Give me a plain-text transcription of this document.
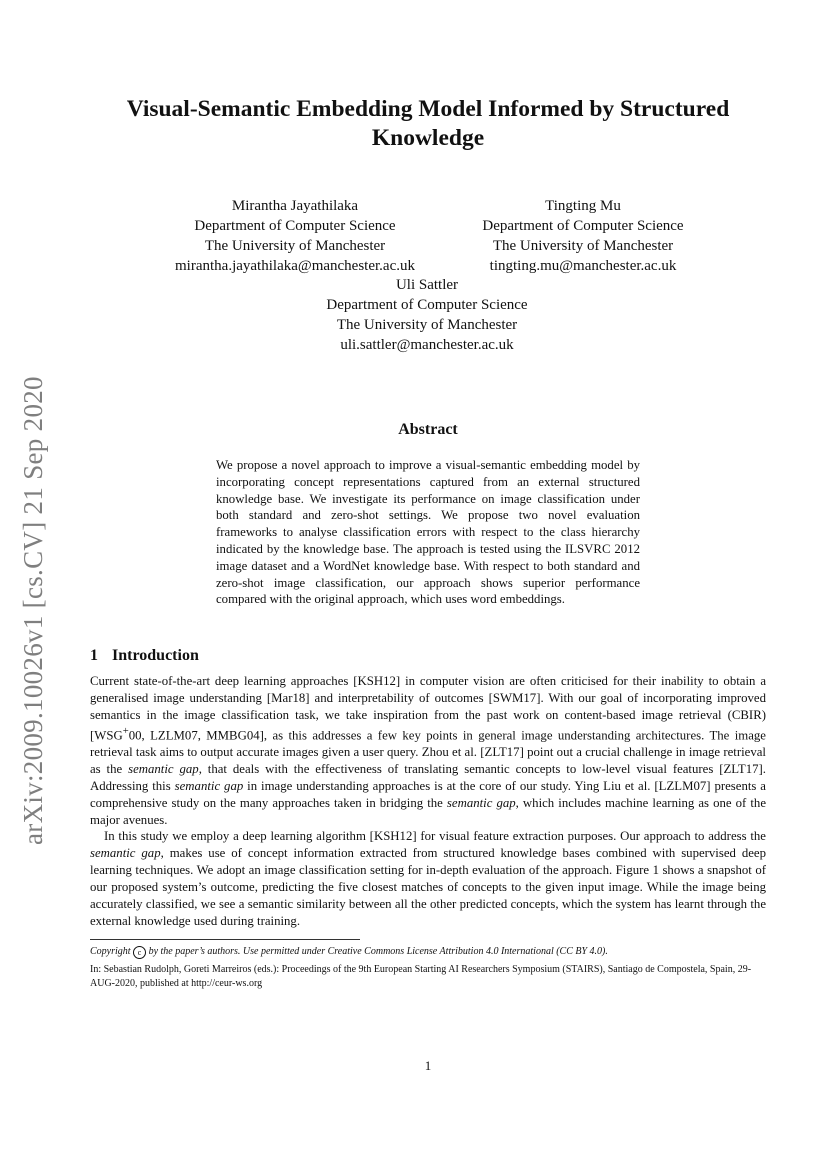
arXiv:2009.10026v1 [cs.CV] 21 Sep 2020
Visual-Semantic Embedding Model Informed by Structured Knowledge
Mirantha Jayathilaka
Department of Computer Science
The University of Manchester
mirantha.jayathilaka@manchester.ac.uk
Tingting Mu
Department of Computer Science
The University of Manchester
tingting.mu@manchester.ac.uk
Uli Sattler
Department of Computer Science
The University of Manchester
uli.sattler@manchester.ac.uk
Abstract
We propose a novel approach to improve a visual-semantic embedding model by incorporating concept representations captured from an external structured knowledge base. We investigate its performance on image classification under both standard and zero-shot settings. We propose two novel evaluation frameworks to analyse classification errors with respect to the class hierarchy indicated by the knowledge base. The approach is tested using the ILSVRC 2012 image dataset and a WordNet knowledge base. With respect to both standard and zero-shot image classification, our approach shows superior performance compared with the original approach, which uses word embeddings.
1 Introduction

Current state-of-the-art deep learning approaches [KSH12] in computer vision are often criticised for their inability to obtain a generalised image understanding [Mar18] and interpretability of outcomes [SWM17]. With our goal of incorporating improved semantics in the image classification task, we take inspiration from the past work on content-based image retrieval (CBIR) [WSG+00, LZLM07, MMBG04], as this addresses a few key points in general image understanding architectures. The image retrieval task aims to output accurate images given a user query. Zhou et al. [ZLT17] point out a crucial challenge in image retrieval as the semantic gap, that deals with the effectiveness of translating semantic concepts to low-level visual features [ZLT17]. Addressing this semantic gap in image understanding approaches is at the core of our study. Ying Liu et al. [LZLM07] presents a comprehensive study on the many approaches taken in bridging the semantic gap, which includes machine learning as one of the major avenues.

In this study we employ a deep learning algorithm [KSH12] for visual feature extraction purposes. Our approach to address the semantic gap, makes use of concept information extracted from structured knowledge bases combined with supervised deep learning techniques. We adopt an image classification setting for in-depth evaluation of the approach. Figure 1 shows a snapshot of our proposed system’s outcome, predicting the five closest matches of concepts to the given input image. While the image being accurately classified, we see a semantic similarity between all the other predicted concepts, which the system has learnt through the external knowledge used during training.

Copyright c by the paper’s authors. Use permitted under Creative Commons License Attribution 4.0 International (CC BY 4.0).
In: Sebastian Rudolph, Goreti Marreiros (eds.): Proceedings of the 9th European Starting AI Researchers Symposium (STAIRS), Santiago de Compostela, Spain, 29-AUG-2020, published at http://ceur-ws.org
1
